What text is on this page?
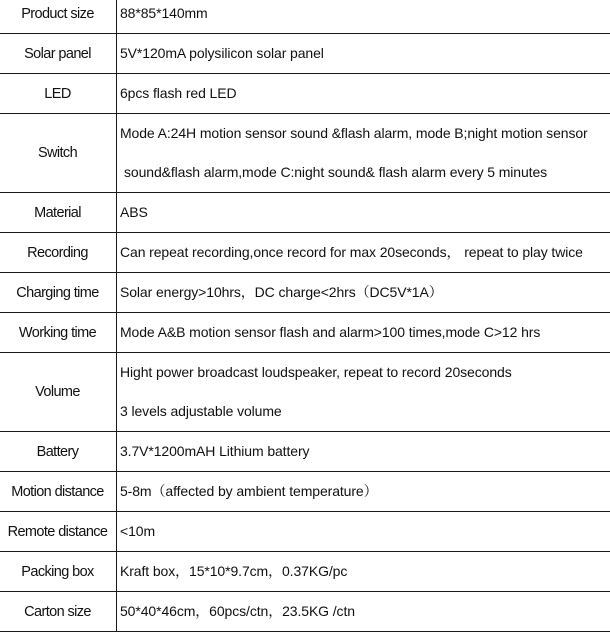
Product size	88*85*140mm

Solar panel	5V*120mA polysilicon solar panel

LED	6pcs flash red LED

Switch	Mode A:24H motion sensor sound &flash alarm, mode B;night motion sensor
sound&flash alarm,mode C:night sound& flash alarm every 5 minutes

Material	ABS

Recording	Can repeat recording,once record for max 20seconds， repeat to play twice

Charging time	Solar energy>10hrs，DC charge<2hrs（DC5V*1A）

Working time	Mode A&B motion sensor flash and alarm>100 times,mode C>12 hrs

Volume	Hight power broadcast loudspeaker, repeat to record 20seconds
3 levels adjustable volume

Battery	3.7V*1200mAH Lithium battery

Motion distance	5-8m（affected by ambient temperature）

Remote distance	<10m

Packing box	Kraft box，15*10*9.7cm，0.37KG/pc

Carton size	50*40*46cm，60pcs/ctn，23.5KG /ctn
